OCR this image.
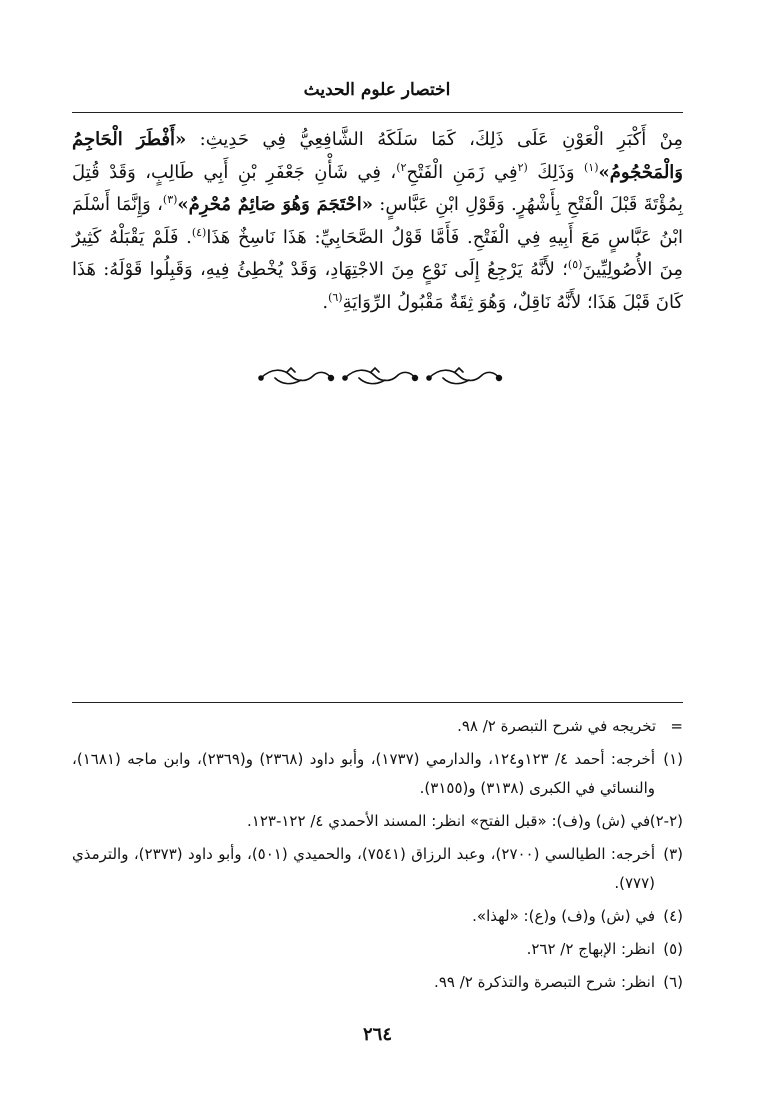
اختصار علوم الحديث

مِنْ أَكْبَرِ الْعَوْنِ عَلَى ذَلِكَ، كَمَا سَلَكَهُ الشَّافِعِيُّ فِي حَدِيثِ: «أَفْطَرَ الْحَاجِمُ وَالْمَحْجُومُ»$^{(١)}$ وَذَلِكَ $^{(٢}$فِي زَمَنِ الْفَتْحِ$^{٢)}$، فِي شَأْنِ جَعْفَرِ بْنِ أَبِي طَالِبٍ، وَقَدْ قُتِلَ بِمُؤْتَةَ قَبْلَ الْفَتْحِ بِأَشْهُرٍ. وَقَوْلِ ابْنِ عَبَّاسٍ: «احْتَجَمَ وَهُوَ صَائِمٌ مُحْرِمٌ»$^{(٣)}$، وَإِنَّمَا أَسْلَمَ ابْنُ عَبَّاسٍ مَعَ أَبِيهِ فِي الْفَتْحِ. فَأَمَّا قَوْلُ الصَّحَابِيِّ: هَذَا نَاسِخٌ هَذَا$^{(٤)}$. فَلَمْ يَقْبَلْهُ كَثِيرٌ مِنَ الأُصُولِيِّينَ$^{(٥)}$؛ لأَنَّهُ يَرْجِعُ إِلَى نَوْعٍ مِنَ الاجْتِهَادِ، وَقَدْ يُخْطِئُ فِيهِ، وَقَبِلُوا قَوْلَهُ: هَذَا كَانَ قَبْلَ هَذَا؛ لأَنَّهُ نَاقِلٌ، وَهُوَ ثِقَةٌ مَقْبُولُ الرِّوَايَةِ$^{(٦)}$.

=   تخريجه في شرح التبصرة ٢/ ٩٨.

(١)أخرجه: أحمد ٤/ ١٢٣و١٢٤، والدارمي (١٧٣٧)، وأبو داود (٢٣٦٨) و(٢٣٦٩)، وابن ماجه (١٦٨١)، والنسائي في الكبرى (٣١٣٨) و(٣١٥٥).

(٢-٢) في (ش) و(ف): «قبل الفتح» انظر: المسند الأحمدي ٤/ ١٢٢-١٢٣.

(٣)أخرجه: الطيالسي (٢٧٠٠)، وعبد الرزاق (٧٥٤١)، والحميدي (٥٠١)، وأبو داود (٢٣٧٣)، والترمذي (٧٧٧).

(٤)في (ش) و(ف) و(ع): «لهذا».

(٥)انظر: الإبهاج ٢/ ٢٦٢.

(٦)انظر: شرح التبصرة والتذكرة ٢/ ٩٩.

٢٦٤
